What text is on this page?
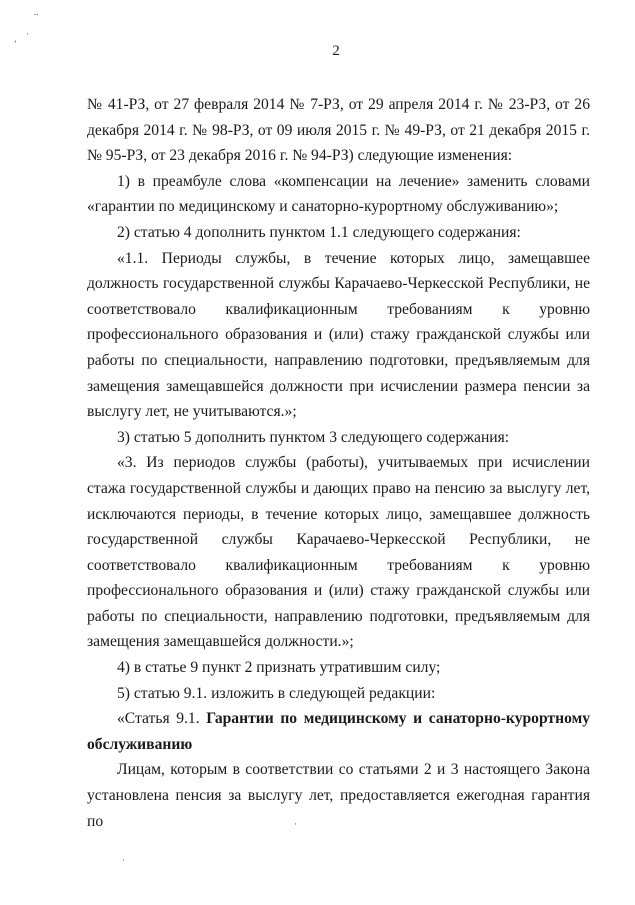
..
·
ʼ	2

№ 41-РЗ, от 27 февраля 2014 № 7-РЗ, от 29 апреля 2014 г. № 23-РЗ, от 26 декабря 2014 г. № 98-РЗ, от 09 июля 2015 г. № 49-РЗ, от 21 декабря 2015 г. № 95-РЗ, от 23 декабря 2016 г. № 94-РЗ) следующие изменения:

1) в преамбуле слова «компенсации на лечение» заменить словами «гарантии по медицинскому и санаторно-курортному обслуживанию»;

2) статью 4 дополнить пунктом 1.1 следующего содержания:

«1.1. Периоды службы, в течение которых лицо, замещавшее должность государственной службы Карачаево-Черкесской Республики, не соответствовало квалификационным требованиям к уровню профессионального образования и (или) стажу гражданской службы или работы по специальности, направлению подготовки, предъявляемым для замещения замещавшейся должности при исчислении размера пенсии за выслугу лет, не учитываются.»;

3) статью 5 дополнить пунктом 3 следующего содержания:

«3. Из периодов службы (работы), учитываемых при исчислении стажа государственной службы и дающих право на пенсию за выслугу лет, исключаются периоды, в течение которых лицо, замещавшее должность государственной службы Карачаево-Черкесской Республики, не соответствовало квалификационным требованиям к уровню профессионального образования и (или) стажу гражданской службы или работы по специальности, направлению подготовки, предъявляемым для замещения замещавшейся должности.»;

4) в статье 9 пункт 2 признать утратившим силу;

5) статью 9.1. изложить в следующей редакции:

«Статья 9.1. Гарантии по медицинскому и санаторно-курортному обслуживанию

Лицам, которым в соответствии со статьями 2 и 3 настоящего Закона установлена пенсия за выслугу лет, предоставляется ежегодная гарантия по

·
·
